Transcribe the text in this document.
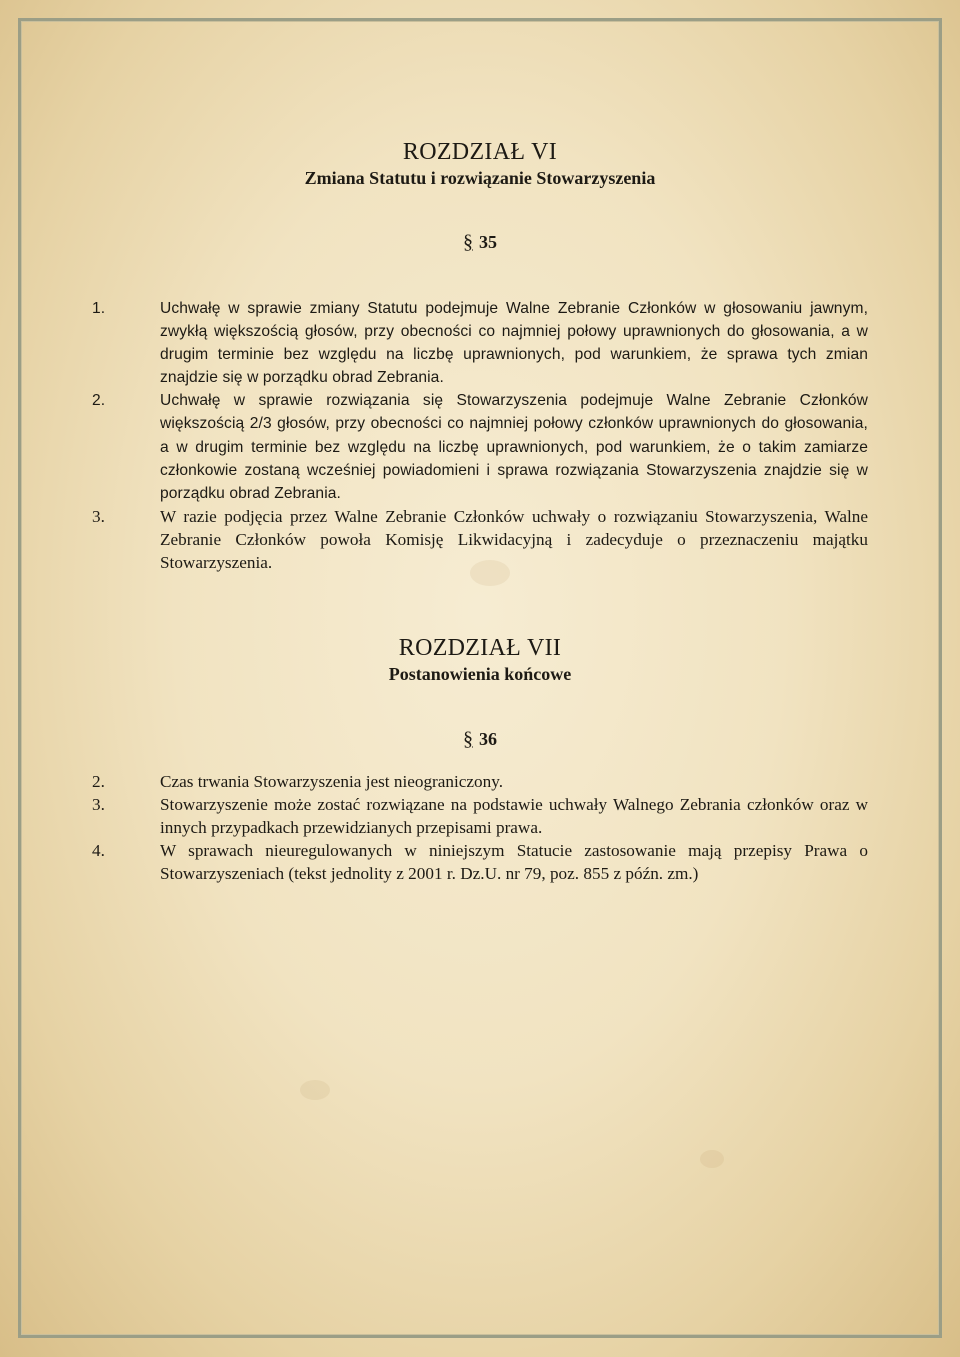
ROZDZIAŁ VI
Zmiana Statutu i rozwiązanie Stowarzyszenia
§ 35
1.	Uchwałę w sprawie zmiany Statutu podejmuje Walne Zebranie Członków w głosowaniu jawnym, zwykłą większością głosów, przy obecności co najmniej połowy uprawnionych do głosowania, a w drugim terminie bez względu na liczbę uprawnionych, pod warunkiem, że sprawa tych zmian znajdzie się w porządku obrad Zebrania.
2.	Uchwałę w sprawie rozwiązania się Stowarzyszenia podejmuje Walne Zebranie Członków większością 2/3 głosów, przy obecności co najmniej połowy członków uprawnionych do głosowania, a w drugim terminie bez względu na liczbę uprawnionych, pod warunkiem, że o takim zamiarze członkowie zostaną wcześniej powiadomieni i sprawa rozwiązania Stowarzyszenia znajdzie się w porządku obrad Zebrania.
3.	W razie podjęcia przez Walne Zebranie Członków uchwały o rozwiązaniu Stowarzyszenia, Walne Zebranie Członków powoła Komisję Likwidacyjną i zadecyduje o przeznaczeniu majątku Stowarzyszenia.
ROZDZIAŁ VII
Postanowienia końcowe
§ 36
2.	Czas trwania Stowarzyszenia jest nieograniczony.
3.	Stowarzyszenie może zostać rozwiązane na podstawie uchwały Walnego Zebrania członków oraz w innych przypadkach przewidzianych przepisami prawa.
4.	W sprawach nieuregulowanych w niniejszym Statucie zastosowanie mają przepisy Prawa o Stowarzyszeniach (tekst jednolity z 2001 r. Dz.U. nr 79, poz. 855 z późn. zm.)
